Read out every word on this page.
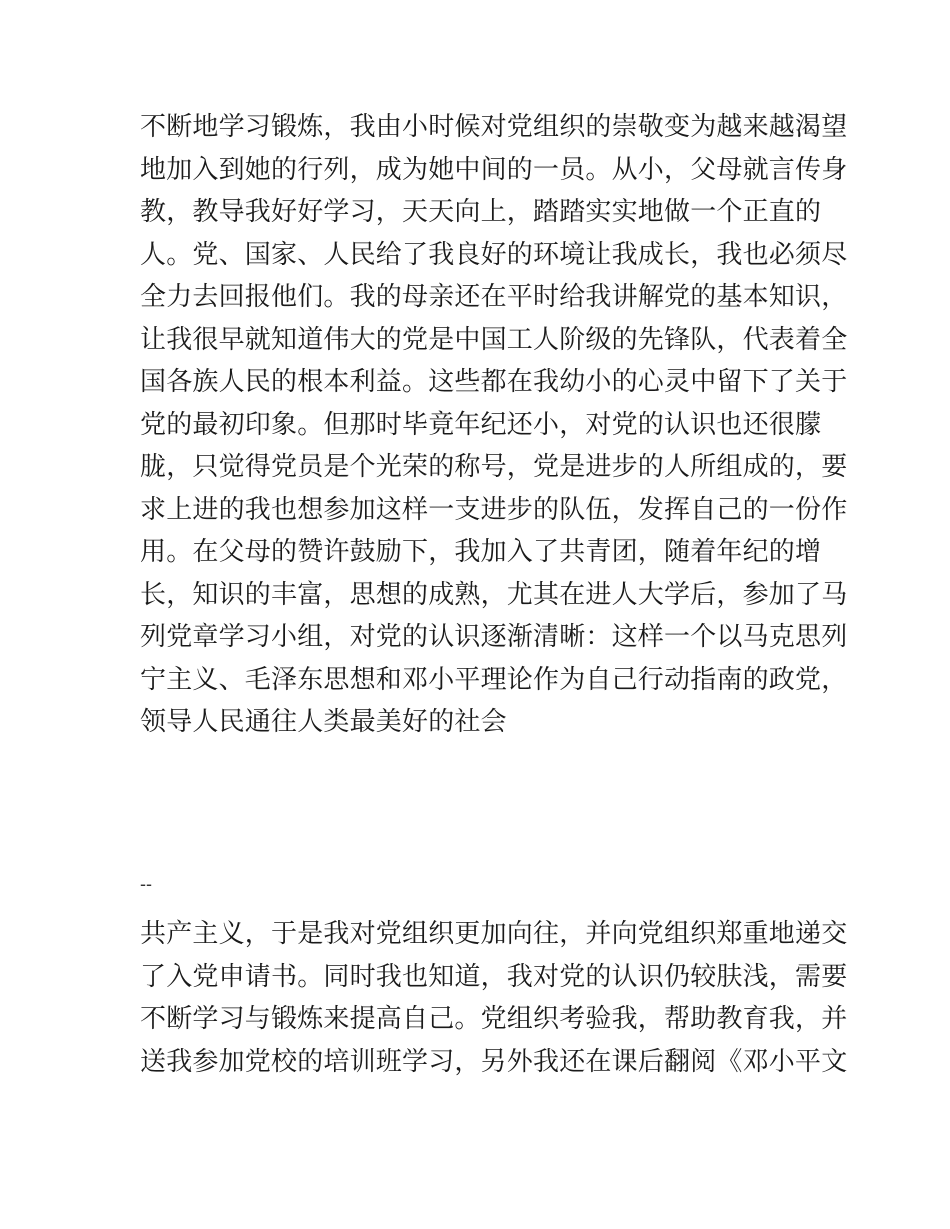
不断地学习锻炼，我由小时候对党组织的崇敬变为越来越渴望
地加入到她的行列，成为她中间的一员。从小，父母就言传身
教，教导我好好学习，天天向上，踏踏实实地做一个正直的
人。党、国家、人民给了我良好的环境让我成长，我也必须尽
全力去回报他们。我的母亲还在平时给我讲解党的基本知识，
让我很早就知道伟大的党是中国工人阶级的先锋队，代表着全
国各族人民的根本利益。这些都在我幼小的心灵中留下了关于
党的最初印象。但那时毕竟年纪还小，对党的认识也还很朦
胧，只觉得党员是个光荣的称号，党是进步的人所组成的，要
求上进的我也想参加这样一支进步的队伍，发挥自己的一份作
用。在父母的赞许鼓励下，我加入了共青团，随着年纪的增
长，知识的丰富，思想的成熟，尤其在进人大学后，参加了马
列党章学习小组，对党的认识逐渐清晰：这样一个以马克思列
宁主义、毛泽东思想和邓小平理论作为自己行动指南的政党，
领导人民通往人类最美好的社会
--
共产主义，于是我对党组织更加向往，并向党组织郑重地递交
了入党申请书。同时我也知道，我对党的认识仍较肤浅，需要
不断学习与锻炼来提高自己。党组织考验我，帮助教育我，并
送我参加党校的培训班学习，另外我还在课后翻阅《邓小平文
